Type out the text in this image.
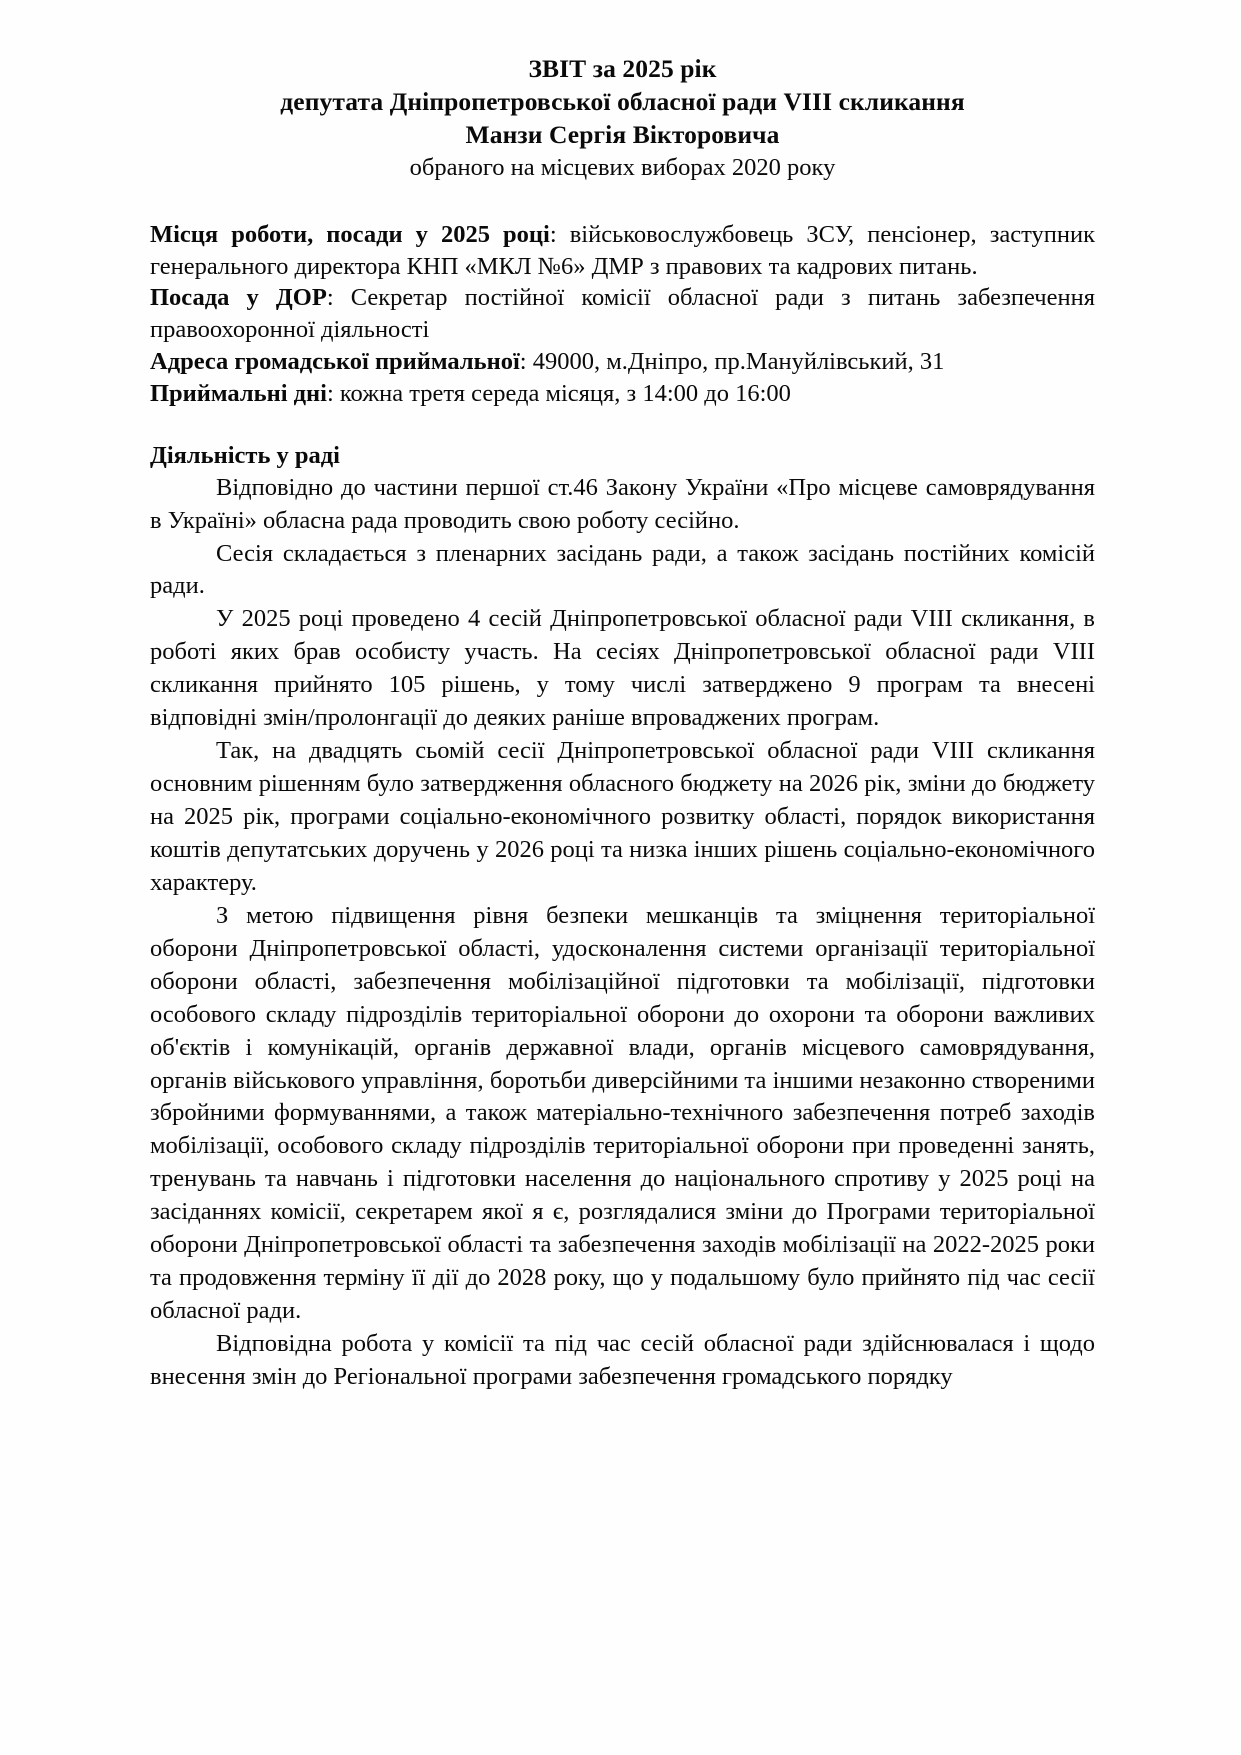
ЗВІТ за 2025 рік
депутата Дніпропетровської обласної ради VIII скликання
Манзи Сергія Вікторовича
обраного на місцевих виборах 2020 року

Місця роботи, посади у 2025 році: військовослужбовець ЗСУ, пенсіонер, заступник генерального директора КНП «МКЛ №6» ДМР з правових та кадрових питань.

Посада у ДОР: Секретар постійної комісії обласної ради з питань забезпечення правоохоронної діяльності

Адреса громадської приймальної: 49000, м.Дніпро, пр.Мануйлівський, 31

Приймальні дні: кожна третя середа місяця, з 14:00 до 16:00

Діяльність у раді

Відповідно до частини першої ст.46 Закону України «Про місцеве самоврядування в Україні» обласна рада проводить свою роботу сесійно.

Сесія складається з пленарних засідань ради, а також засідань постійних комісій ради.

У 2025 році проведено 4 сесій Дніпропетровської обласної ради VIII скликання, в роботі яких брав особисту участь. На сесіях Дніпропетровської обласної ради VIII скликання прийнято 105 рішень, у тому числі затверджено 9 програм та внесені відповідні змін/пролонгації до деяких раніше впроваджених програм.

Так, на двадцять сьомій сесії Дніпропетровської обласної ради VIII скликання основним рішенням було затвердження обласного бюджету на 2026 рік, зміни до бюджету на 2025 рік, програми соціально-економічного розвитку області, порядок використання коштів депутатських доручень у 2026 році та низка інших рішень соціально-економічного характеру.

З метою підвищення рівня безпеки мешканців та зміцнення територіальної оборони Дніпропетровської області, удосконалення системи організації територіальної оборони області, забезпечення мобілізаційної підготовки та мобілізації, підготовки особового складу підрозділів територіальної оборони до охорони та оборони важливих об'єктів і комунікацій, органів державної влади, органів місцевого самоврядування, органів військового управління, боротьби диверсійними та іншими незаконно створеними збройними формуваннями, а також матеріально-технічного забезпечення потреб заходів мобілізації, особового складу підрозділів територіальної оборони при проведенні занять, тренувань та навчань і підготовки населення до національного спротиву у 2025 році на засіданнях комісії, секретарем якої я є, розглядалися зміни до Програми територіальної оборони Дніпропетровської області та забезпечення заходів мобілізації на 2022-2025 роки та продовження терміну її дії до 2028 року, що у подальшому було прийнято під час сесії обласної ради.

Відповідна робота у комісії та під час сесій обласної ради здійснювалася і щодо внесення змін до Регіональної програми забезпечення громадського порядку
